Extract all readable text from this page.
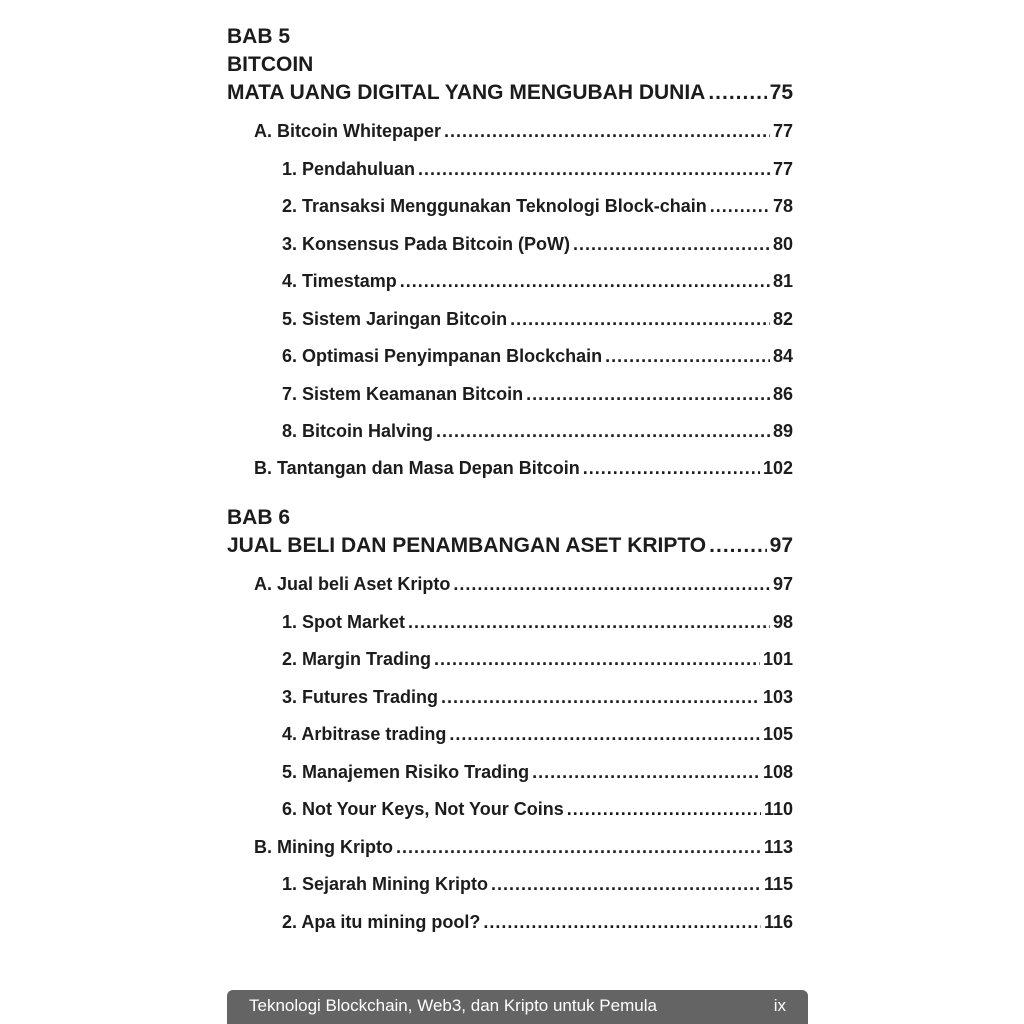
BAB 5
BITCOIN
MATA UANG DIGITAL YANG MENGUBAH DUNIA .....	75
A. Bitcoin Whitepaper .....	77
1. Pendahuluan .....	77
2. Transaksi Menggunakan Teknologi Block-chain .....	78
3. Konsensus Pada Bitcoin (PoW) .....	80
4. Timestamp .....	81
5. Sistem Jaringan Bitcoin .....	82
6. Optimasi Penyimpanan Blockchain .....	84
7. Sistem Keamanan Bitcoin .....	86
8. Bitcoin Halving .....	89
B. Tantangan dan Masa Depan Bitcoin .....	102
BAB 6
JUAL BELI DAN PENAMBANGAN ASET KRIPTO .....	97
A. Jual beli Aset Kripto .....	97
1. Spot Market .....	98
2. Margin Trading .....	101
3. Futures Trading .....	103
4. Arbitrase trading .....	105
5. Manajemen Risiko Trading .....	108
6. Not Your Keys, Not Your Coins .....	110
B. Mining Kripto .....	113
1. Sejarah Mining Kripto .....	115
2. Apa itu mining pool? .....	116
Teknologi Blockchain, Web3, dan Kripto untuk Pemula	ix
